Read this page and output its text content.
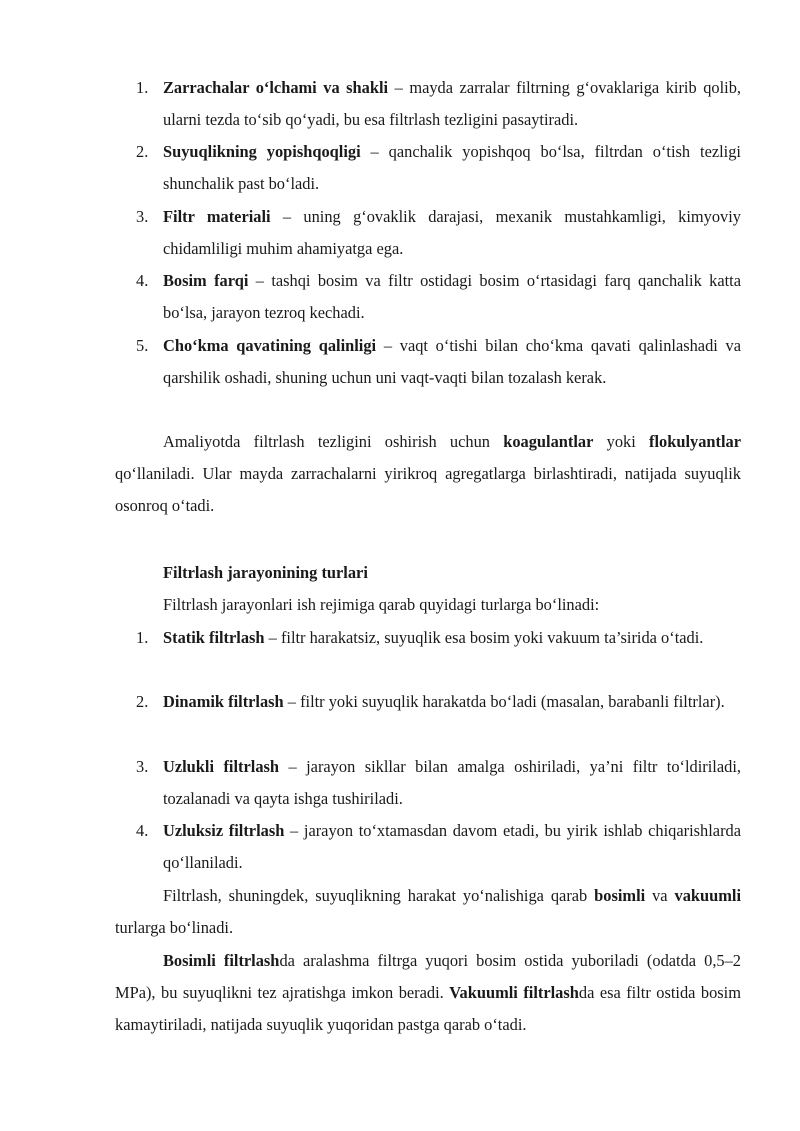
1. Zarrachalar o‘lchami va shakli – mayda zarralar filtrning g‘ovaklariga kirib qolib, ularni tezda to‘sib qo‘yadi, bu esa filtrlash tezligini pasaytiradi.
2. Suyuqlikning yopishqoqligi – qanchalik yopishqoq bo‘lsa, filtrdan o‘tish tezligi shunchalik past bo‘ladi.
3. Filtr materiali – uning g‘ovaklik darajasi, mexanik mustahkamligi, kimyoviy chidamliligi muhim ahamiyatga ega.
4. Bosim farqi – tashqi bosim va filtr ostidagi bosim o‘rtasidagi farq qanchalik katta bo‘lsa, jarayon tezroq kechadi.
5. Cho‘kma qavatining qalinligi – vaqt o‘tishi bilan cho‘kma qavati qalinlashadi va qarshilik oshadi, shuning uchun uni vaqt-vaqti bilan tozalash kerak.
Amaliyotda filtrlash tezligini oshirish uchun koagulantlar yoki flokulyantlar qo‘llaniladi. Ular mayda zarrachalarni yirikroq agregatlarga birlashtiradi, natijada suyuqlik osonroq o‘tadi.
Filtrlash jarayonining turlari
Filtrlash jarayonlari ish rejimiga qarab quyidagi turlarga bo‘linadi:
1. Statik filtrlash – filtr harakatsiz, suyuqlik esa bosim yoki vakuum ta’sirida o‘tadi.
2. Dinamik filtrlash – filtr yoki suyuqlik harakatda bo‘ladi (masalan, barabanli filtrlar).
3. Uzlukli filtrlash – jarayon sikllar bilan amalga oshiriladi, ya’ni filtr to‘ldiriladi, tozalanadi va qayta ishga tushiriladi.
4. Uzluksiz filtrlash – jarayon to‘xtamasdan davom etadi, bu yirik ishlab chiqarishlarda qo‘llaniladi.
Filtrlash, shuningdek, suyuqlikning harakat yo‘nalishiga qarab bosimli va vakuumli turlarga bo‘linadi.
Bosimli filtrlashda aralashma filtrga yuqori bosim ostida yuboriladi (odatda 0,5–2 MPa), bu suyuqlikni tez ajratishga imkon beradi. Vakuumli filtrlashda esa filtr ostida bosim kamaytiriladi, natijada suyuqlik yuqoridan pastga qarab o‘tadi.
